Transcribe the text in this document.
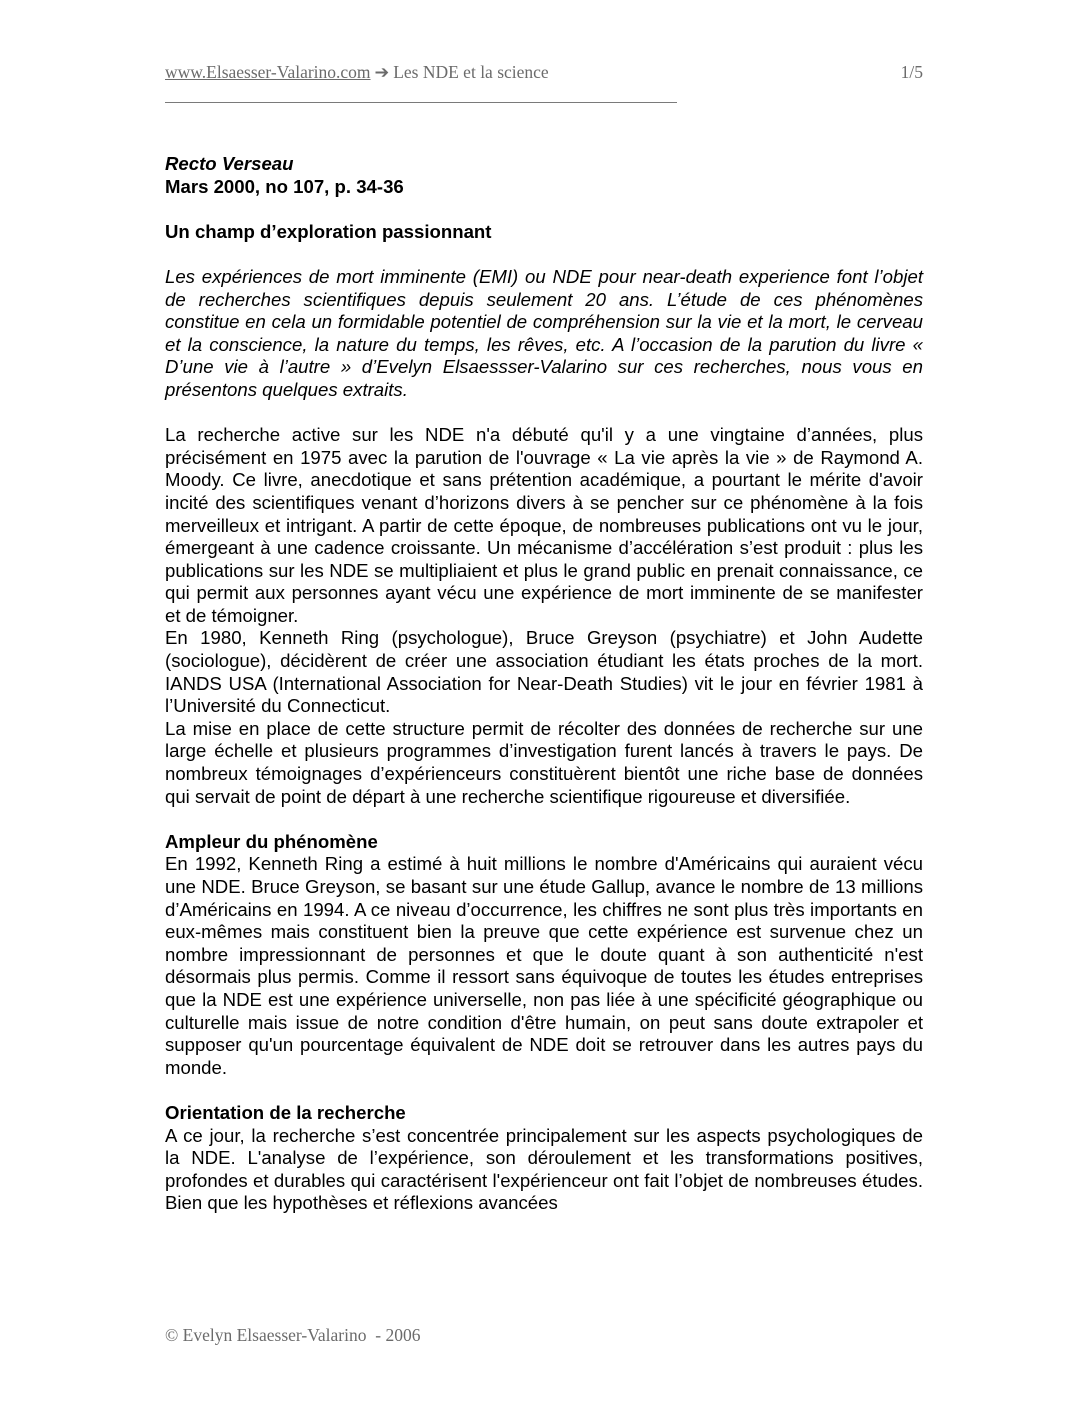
www.Elsaesser-Valarino.com ➔ Les NDE et la science	1/5

Recto Verseau

Mars 2000, no 107, p. 34-36

Un champ d’exploration passionnant

Les expériences de mort imminente (EMI) ou NDE pour near-death experience font l’objet de recherches scientifiques depuis seulement 20 ans. L’étude de ces phénomènes constitue en cela un formidable potentiel de compréhension sur la vie et la mort, le cerveau et la conscience, la nature du temps, les rêves, etc. A l’occasion de la parution du livre « D’une vie à l’autre » d’Evelyn Elsaessser-Valarino sur ces recherches, nous vous en présentons quelques extraits.

La recherche active sur les NDE n'a débuté qu'il y a une vingtaine d’années, plus précisément en 1975 avec la parution de l'ouvrage « La vie après la vie » de Raymond A. Moody. Ce livre, anecdotique et sans prétention académique, a pourtant le mérite d'avoir incité des scientifiques venant d’horizons divers à se pencher sur ce phénomène à la fois merveilleux et intrigant. A partir de cette époque, de nombreuses publications ont vu le jour, émergeant à une cadence croissante. Un mécanisme d’accélération s’est produit : plus les publications sur les NDE se multipliaient et plus le grand public en prenait connaissance, ce qui permit aux personnes ayant vécu une expérience de mort imminente de se manifester et de témoigner.

En 1980, Kenneth Ring (psychologue), Bruce Greyson (psychiatre) et John Audette (sociologue), décidèrent de créer une association étudiant les états proches de la mort. IANDS USA (International Association for Near-Death Studies) vit le jour en février 1981 à l’Université du Connecticut.

La mise en place de cette structure permit de récolter des données de recherche sur une large échelle et plusieurs programmes d’investigation furent lancés à travers le pays. De nombreux témoignages d’expérienceurs constituèrent bientôt une riche base de données qui servait de point de départ à une recherche scientifique rigoureuse et diversifiée.

Ampleur du phénomène

En 1992, Kenneth Ring a estimé à huit millions le nombre d'Américains qui auraient vécu une NDE. Bruce Greyson, se basant sur une étude Gallup, avance le nombre de 13 millions d’Américains en 1994. A ce niveau d’occurrence, les chiffres ne sont plus très importants en eux-mêmes mais constituent bien la preuve que cette expérience est survenue chez un nombre impressionnant de personnes et que le doute quant à son authenticité n'est désormais plus permis. Comme il ressort sans équivoque de toutes les études entreprises que la NDE est une expérience universelle, non pas liée à une spécificité géographique ou culturelle mais issue de notre condition d'être humain, on peut sans doute extrapoler et supposer qu'un pourcentage équivalent de NDE doit se retrouver dans les autres pays du monde.

Orientation de la recherche

A ce jour, la recherche s’est concentrée principalement sur les aspects psychologiques de la NDE. L'analyse de l’expérience, son déroulement et les transformations positives, profondes et durables qui caractérisent l'expérienceur ont fait l’objet de nombreuses études. Bien que les hypothèses et réflexions avancées

© Evelyn Elsaesser-Valarino  - 2006
